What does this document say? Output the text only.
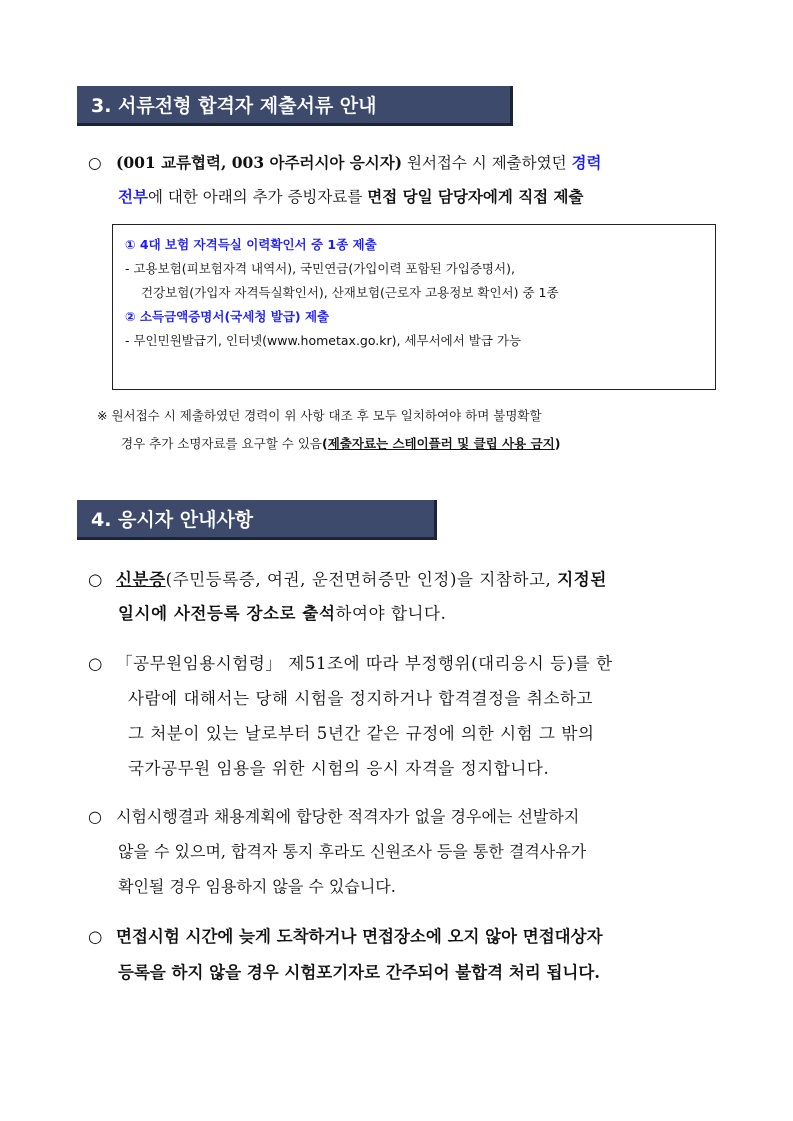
3. 서류전형 합격자 제출서류 안내
○ (001 교류협력, 003 아주러시아 응시자) 원서접수 시 제출하였던 경력
전부에 대한 아래의 추가 증빙자료를 면접 당일 담당자에게 직접 제출
① 4대 보험 자격득실 이력확인서 중 1종 제출
- 고용보험(피보험자격 내역서), 국민연금(가입이력 포함된 가입증명서),
건강보험(가입자 자격득실확인서), 산재보험(근로자 고용정보 확인서) 중 1종
② 소득금액증명서(국세청 발급) 제출
- 무인민원발급기, 인터넷(www.hometax.go.kr), 세무서에서 발급 가능
※ 원서접수 시 제출하였던 경력이 위 사항 대조 후 모두 일치하여야 하며 불명확할
경우 추가 소명자료를 요구할 수 있음(제출자료는 스테이플러 및 클립 사용 금지)
4. 응시자 안내사항
○ 신분증(주민등록증, 여권, 운전면허증만 인정)을 지참하고, 지정된
일시에 사전등록 장소로 출석하여야 합니다.
○ 「공무원임용시험령」 제51조에 따라 부정행위(대리응시 등)를 한
사람에 대해서는 당해 시험을 정지하거나 합격결정을 취소하고
그 처분이 있는 날로부터 5년간 같은 규정에 의한 시험 그 밖의
국가공무원 임용을 위한 시험의 응시 자격을 정지합니다.
○ 시험시행결과 채용계획에 합당한 적격자가 없을 경우에는 선발하지
않을 수 있으며, 합격자 통지 후라도 신원조사 등을 통한 결격사유가
확인될 경우 임용하지 않을 수 있습니다.
○ 면접시험 시간에 늦게 도착하거나 면접장소에 오지 않아 면접대상자
등록을 하지 않을 경우 시험포기자로 간주되어 불합격 처리 됩니다.
